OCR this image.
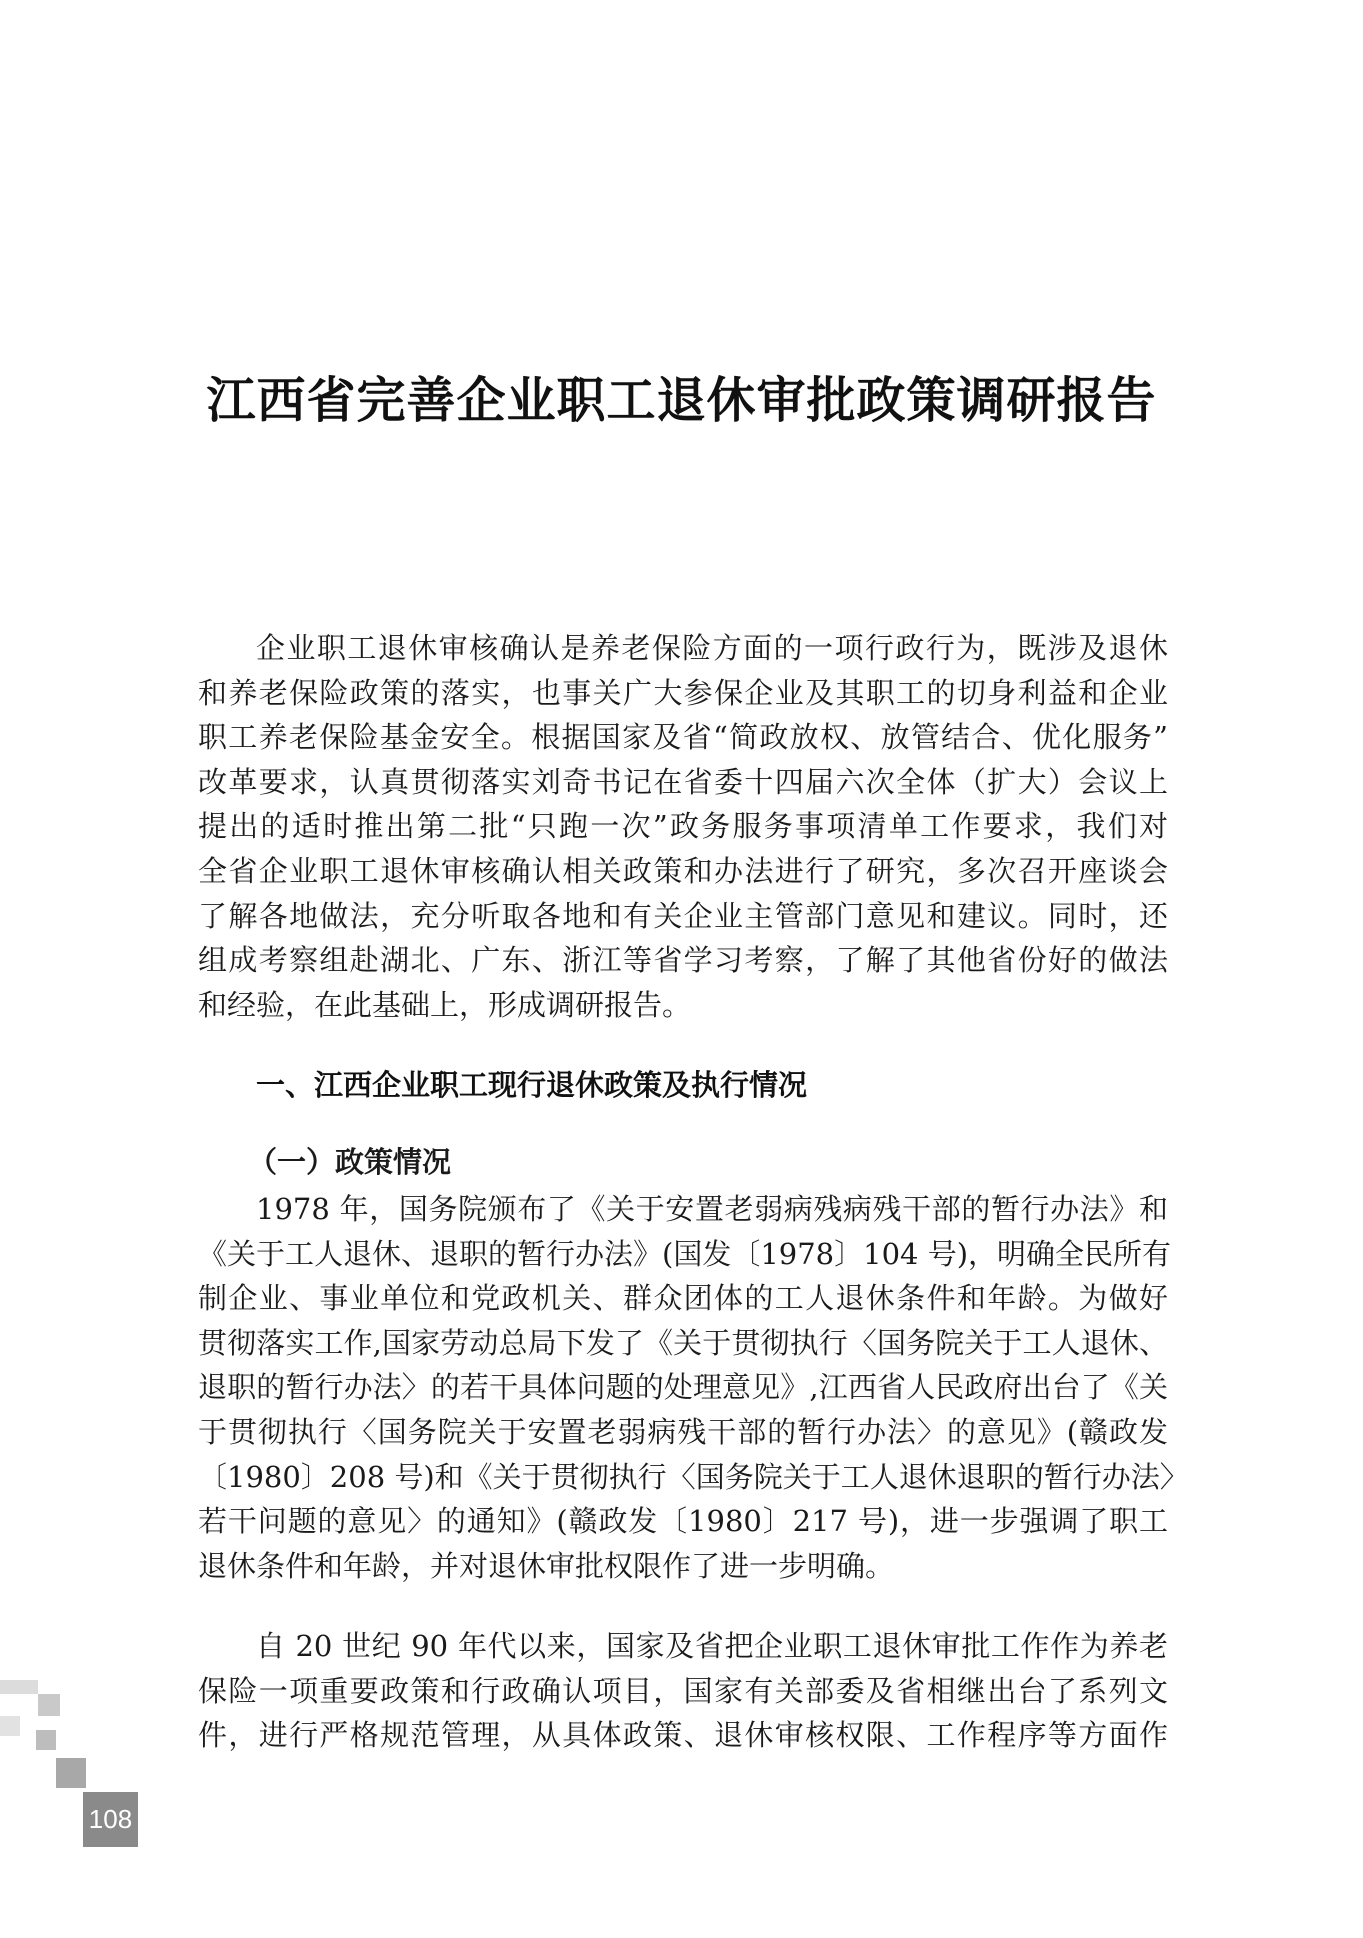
江西省完善企业职工退休审批政策调研报告
企业职工退休审核确认是养老保险方面的一项行政行为，既涉及退休
和养老保险政策的落实，也事关广大参保企业及其职工的切身利益和企业
职工养老保险基金安全。根据国家及省“简政放权、放管结合、优化服务”
改革要求，认真贯彻落实刘奇书记在省委十四届六次全体（扩大）会议上
提出的适时推出第二批“只跑一次”政务服务事项清单工作要求，我们对
全省企业职工退休审核确认相关政策和办法进行了研究，多次召开座谈会
了解各地做法，充分听取各地和有关企业主管部门意见和建议。同时，还
组成考察组赴湖北、广东、浙江等省学习考察，了解了其他省份好的做法
和经验，在此基础上，形成调研报告。
一、江西企业职工现行退休政策及执行情况
（一）政策情况
1978 年，国务院颁布了《关于安置老弱病残病残干部的暂行办法》和
《关于工人退休、退职的暂行办法》(国发〔1978〕104 号)，明确全民所有
制企业、事业单位和党政机关、群众团体的工人退休条件和年龄。为做好
贯彻落实工作,国家劳动总局下发了《关于贯彻执行〈国务院关于工人退休、
退职的暂行办法〉的若干具体问题的处理意见》,江西省人民政府出台了《关
于贯彻执行〈国务院关于安置老弱病残干部的暂行办法〉的意见》(赣政发
〔1980〕208 号)和《关于贯彻执行〈国务院关于工人退休退职的暂行办法〉
若干问题的意见〉的通知》(赣政发〔1980〕217 号)，进一步强调了职工
退休条件和年龄，并对退休审批权限作了进一步明确。
自 20 世纪 90 年代以来，国家及省把企业职工退休审批工作作为养老
保险一项重要政策和行政确认项目，国家有关部委及省相继出台了系列文
件，进行严格规范管理，从具体政策、退休审核权限、工作程序等方面作
108
